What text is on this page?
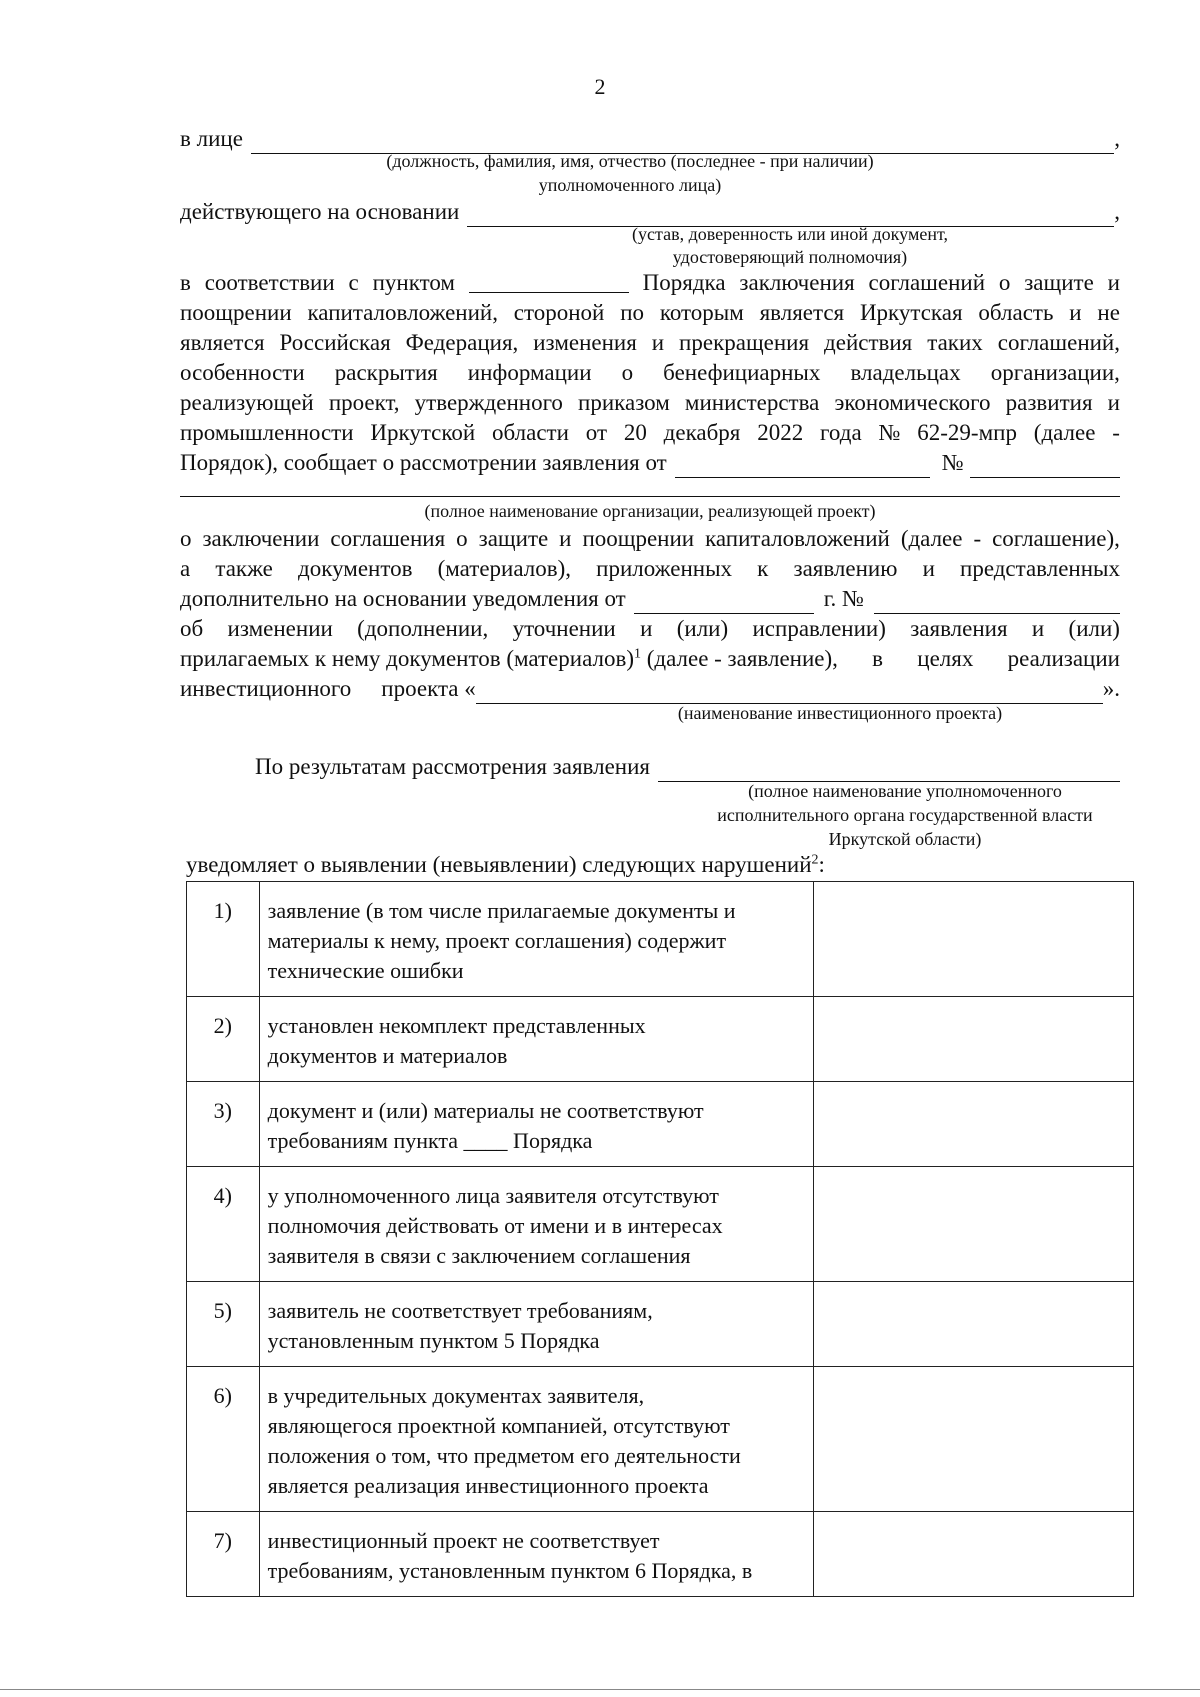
2
в лице	,
(должность, фамилия, имя, отчество (последнее - при наличии)
уполномоченного лица)
действующего на основании	,
(устав, доверенность или иной документ,
удостоверяющий полномочия)
в соответствии с пунктом	Порядка заключения соглашений о защите и
поощрении капиталовложений, стороной по которым является Иркутская область и не
является Российская Федерация, изменения и прекращения действия таких соглашений,
особенности раскрытия информации о бенефициарных владельцах организации,
реализующей проект, утвержденного приказом министерства экономического развития и
промышленности Иркутской области от 20 декабря 2022 года № 62-29-мпр (далее -
Порядок), сообщает о рассмотрении заявления от	№
(полное наименование организации, реализующей проект)
о заключении соглашения о защите и поощрении капиталовложений (далее - соглашение),
а также документов (материалов), приложенных к заявлению и представленных
дополнительно на основании уведомления от	г. №
об изменении (дополнении, уточнении и (или) исправлении) заявления и (или)
прилагаемых к нему документов (материалов)$^1$ (далее - заявление), в целях реализации
инвестиционного проекта «	».
(наименование инвестиционного проекта)
По результатам рассмотрения заявления
(полное наименование уполномоченного
исполнительного органа государственной власти
Иркутской области)
уведомляет о выявлении (невыявлении) следующих нарушений$^2$:
1)	заявление (в том числе прилагаемые документы и
материалы к нему, проект соглашения) содержит
технические ошибки	

2)	установлен некомплект представленных
документов и материалов	

3)	документ и (или) материалы не соответствуют
требованиям пункта ____ Порядка	

4)	у уполномоченного лица заявителя отсутствуют
полномочия действовать от имени и в интересах
заявителя в связи с заключением соглашения	

5)	заявитель не соответствует требованиям,
установленным пунктом 5 Порядка	

6)	в учредительных документах заявителя,
являющегося проектной компанией, отсутствуют
положения о том, что предметом его деятельности
является реализация инвестиционного проекта	

7)	инвестиционный проект не соответствует
требованиям, установленным пунктом 6 Порядка, в	
